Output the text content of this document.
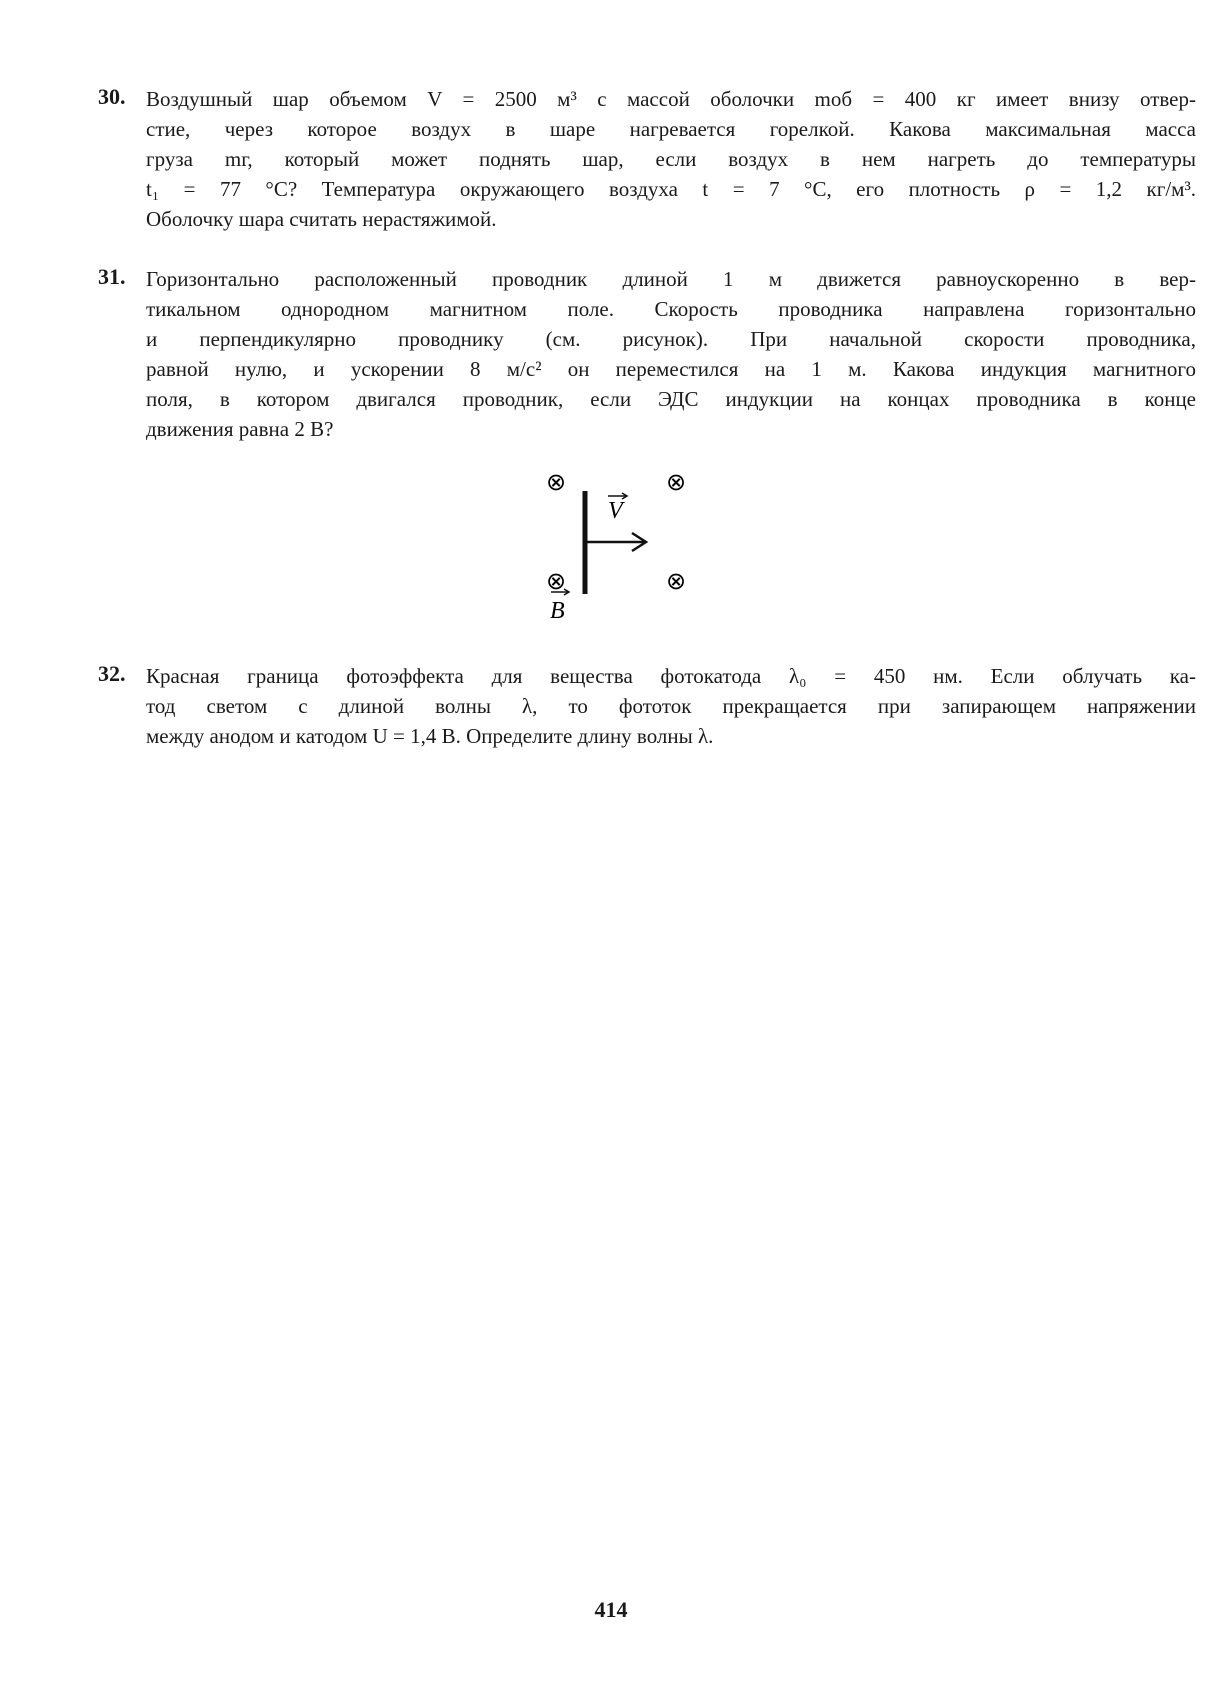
30. Воздушный шар объемом V = 2500 м³ с массой оболочки mоб = 400 кг имеет внизу отвер-
стие, через которое воздух в шаре нагревается горелкой. Какова максимальная масса
груза mг, который может поднять шар, если воздух в нем нагреть до температуры
t₁ = 77 °С? Температура окружающего воздуха t = 7 °С, его плотность ρ = 1,2 кг/м³.
Оболочку шара считать нерастяжимой.
31. Горизонтально расположенный проводник длиной 1 м движется равноускоренно в вер-
тикальном однородном магнитном поле. Скорость проводника направлена горизонтально
и перпендикулярно проводнику (см. рисунок). При начальной скорости проводника,
равной нулю, и ускорении 8 м/с² он переместился на 1 м. Какова индукция магнитного
поля, в котором двигался проводник, если ЭДС индукции на концах проводника в конце
движения равна 2 В?
⊗	⊗
⊗	⊗
V
B
32. Красная граница фотоэффекта для вещества фотокатода λ₀ = 450 нм. Если облучать ка-
тод светом с длиной волны λ, то фототок прекращается при запирающем напряжении
между анодом и катодом U = 1,4 В. Определите длину волны λ.
414
